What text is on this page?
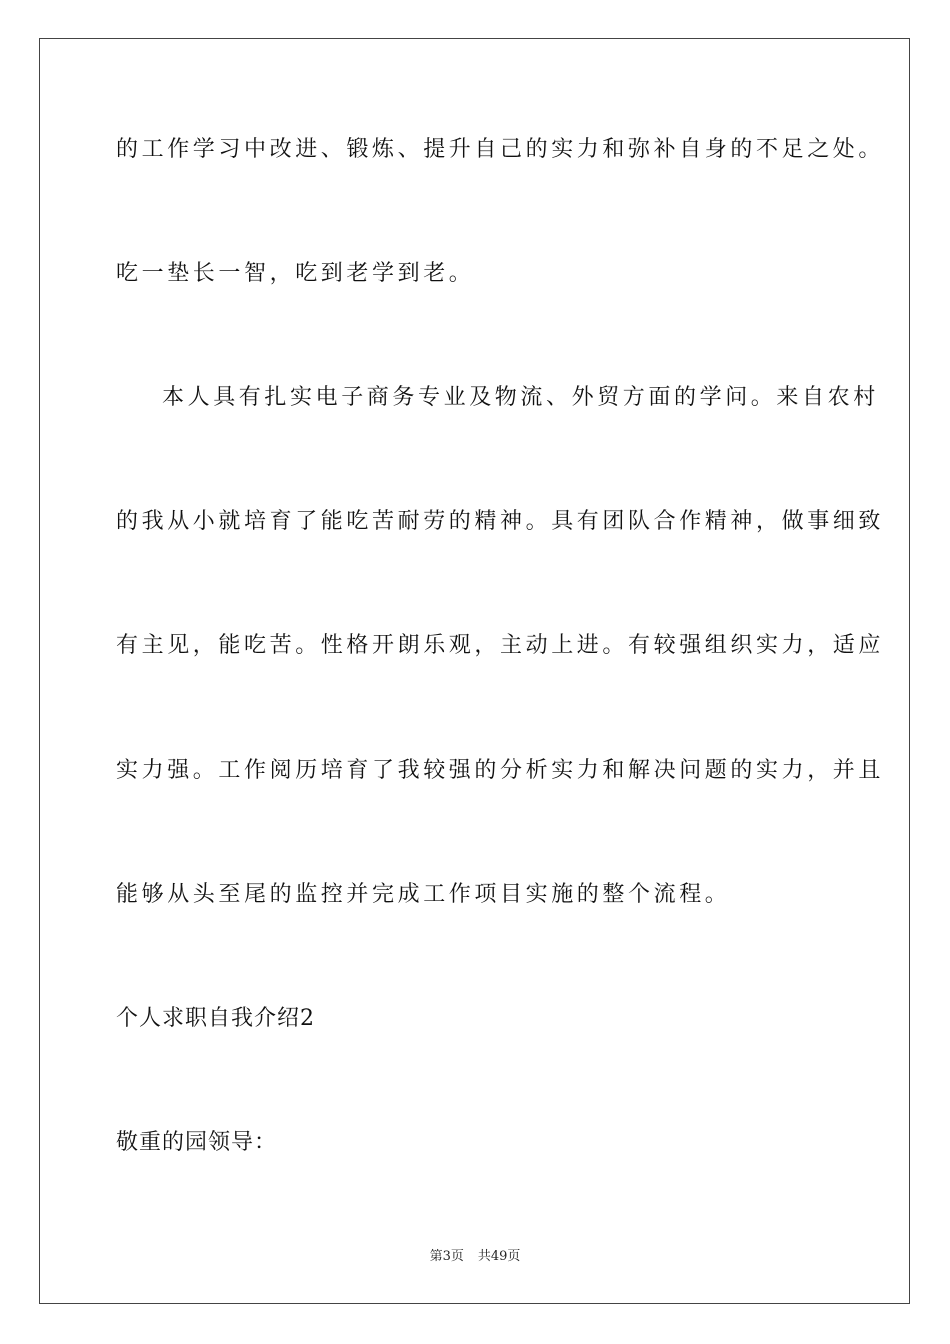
的工作学习中改进、锻炼、提升自己的实力和弥补自身的不足之处。
吃一垫长一智，吃到老学到老。
本人具有扎实电子商务专业及物流、外贸方面的学问。来自农村
的我从小就培育了能吃苦耐劳的精神。具有团队合作精神，做事细致
有主见，能吃苦。性格开朗乐观，主动上进。有较强组织实力，适应
实力强。工作阅历培育了我较强的分析实力和解决问题的实力，并且
能够从头至尾的监控并完成工作项目实施的整个流程。
个人求职自我介绍2
敬重的园领导：
第3页 共49页
